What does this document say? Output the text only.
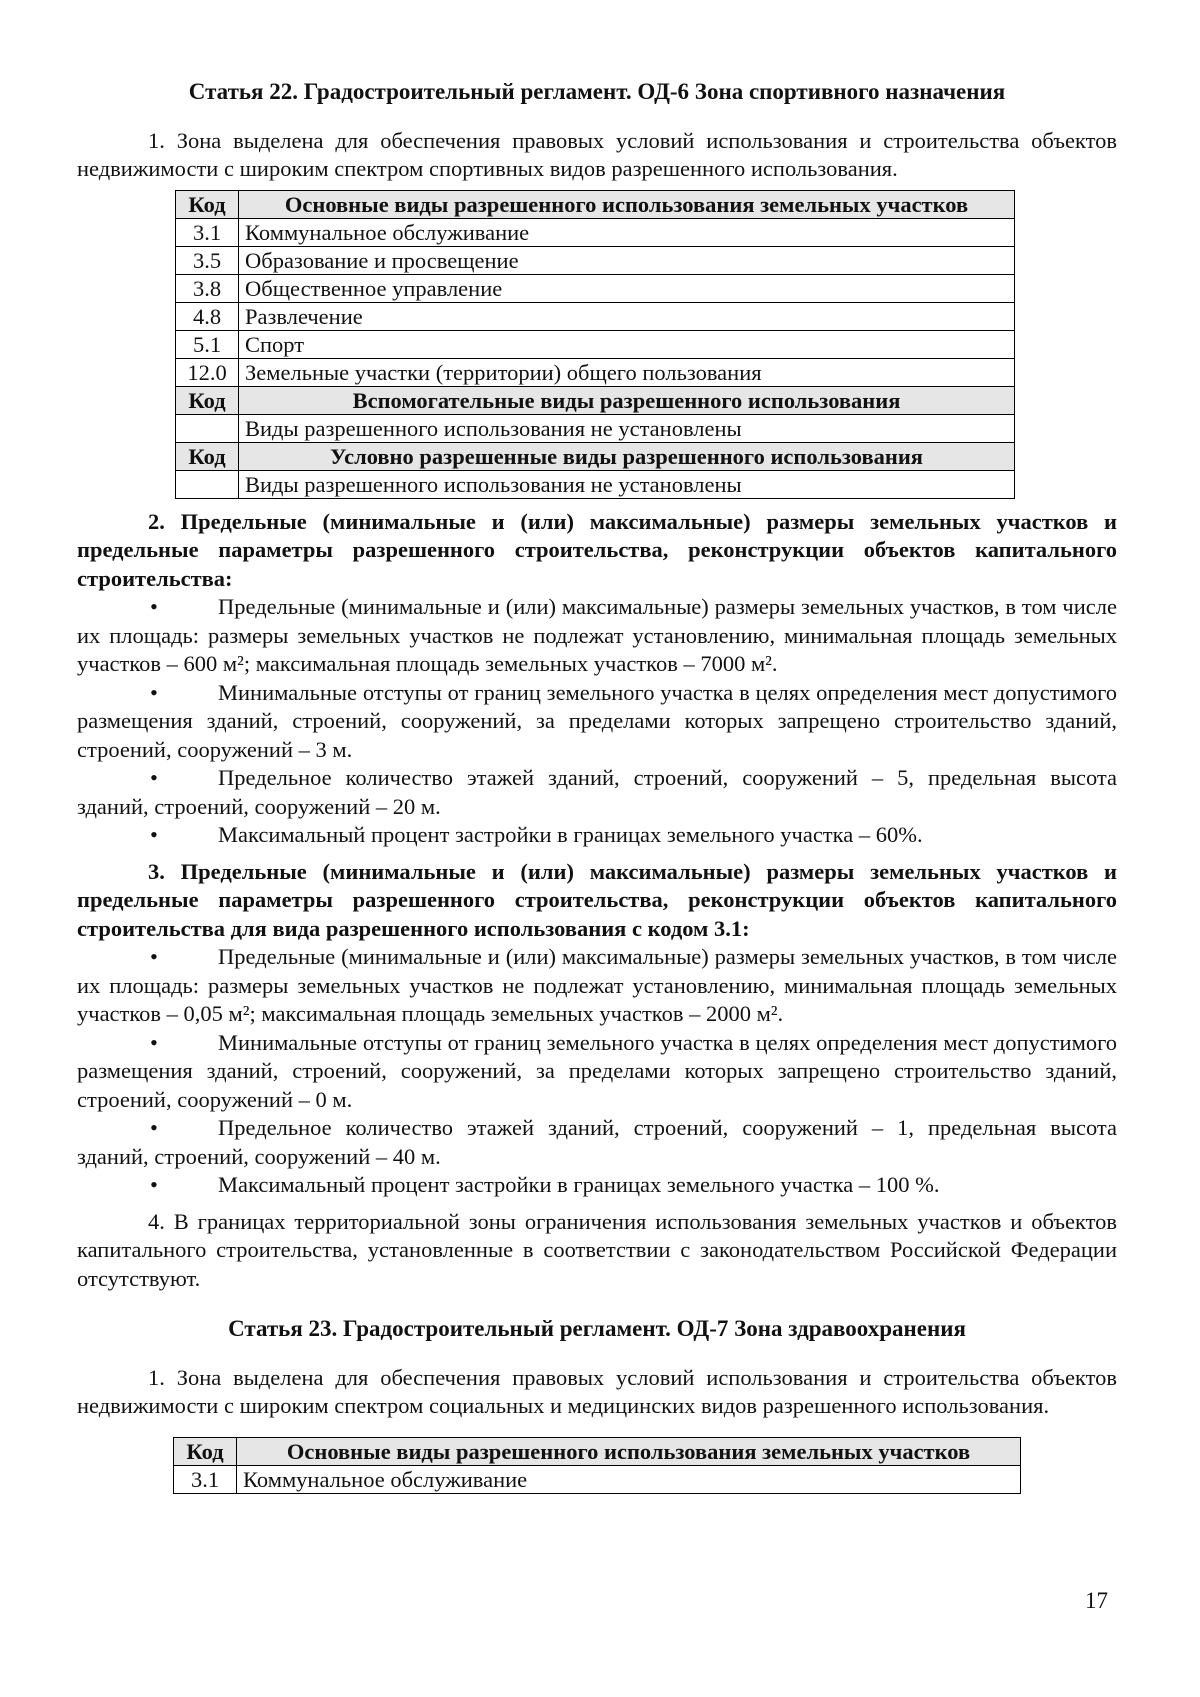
Статья 22. Градостроительный регламент. ОД-6 Зона спортивного назначения

1. Зона выделена для обеспечения правовых условий использования и строительства объектов недвижимости с широким спектром спортивных видов разрешенного использования.

Код	Основные виды разрешенного использования земельных участков
3.1	Коммунальное обслуживание
3.5	Образование и просвещение
3.8	Общественное управление
4.8	Развлечение
5.1	Спорт
12.0	Земельные участки (территории) общего пользования
Код	Вспомогательные виды разрешенного использования
	Виды разрешенного использования не установлены
Код	Условно разрешенные виды разрешенного использования
	Виды разрешенного использования не установлены

2. Предельные (минимальные и (или) максимальные) размеры земельных участков и предельные параметры разрешенного строительства, реконструкции объектов капитального строительства:

•	Предельные (минимальные и (или) максимальные) размеры земельных участков, в том числе их площадь: размеры земельных участков не подлежат установлению, минимальная площадь земельных участков – 600 м²; максимальная площадь земельных участков – 7000 м².

•	Минимальные отступы от границ земельного участка в целях определения мест допустимого размещения зданий, строений, сооружений, за пределами которых запрещено строительство зданий, строений, сооружений – 3 м.

•	Предельное количество этажей зданий, строений, сооружений – 5, предельная высота зданий, строений, сооружений – 20 м.

•	Максимальный процент застройки в границах земельного участка – 60%.

3. Предельные (минимальные и (или) максимальные) размеры земельных участков и предельные параметры разрешенного строительства, реконструкции объектов капитального строительства для вида разрешенного использования с кодом 3.1:

•	Предельные (минимальные и (или) максимальные) размеры земельных участков, в том числе их площадь: размеры земельных участков не подлежат установлению, минимальная площадь земельных участков – 0,05 м²; максимальная площадь земельных участков – 2000 м².

•	Минимальные отступы от границ земельного участка в целях определения мест допустимого размещения зданий, строений, сооружений, за пределами которых запрещено строительство зданий, строений, сооружений – 0 м.

•	Предельное количество этажей зданий, строений, сооружений – 1, предельная высота зданий, строений, сооружений – 40 м.

•	Максимальный процент застройки в границах земельного участка – 100 %.

4. В границах территориальной зоны ограничения использования земельных участков и объектов капитального строительства, установленные в соответствии с законодательством Российской Федерации отсутствуют.

Статья 23. Градостроительный регламент. ОД-7 Зона здравоохранения

1. Зона выделена для обеспечения правовых условий использования и строительства объектов недвижимости с широким спектром социальных и медицинских видов разрешенного использования.

Код	Основные виды разрешенного использования земельных участков
3.1	Коммунальное обслуживание
17
